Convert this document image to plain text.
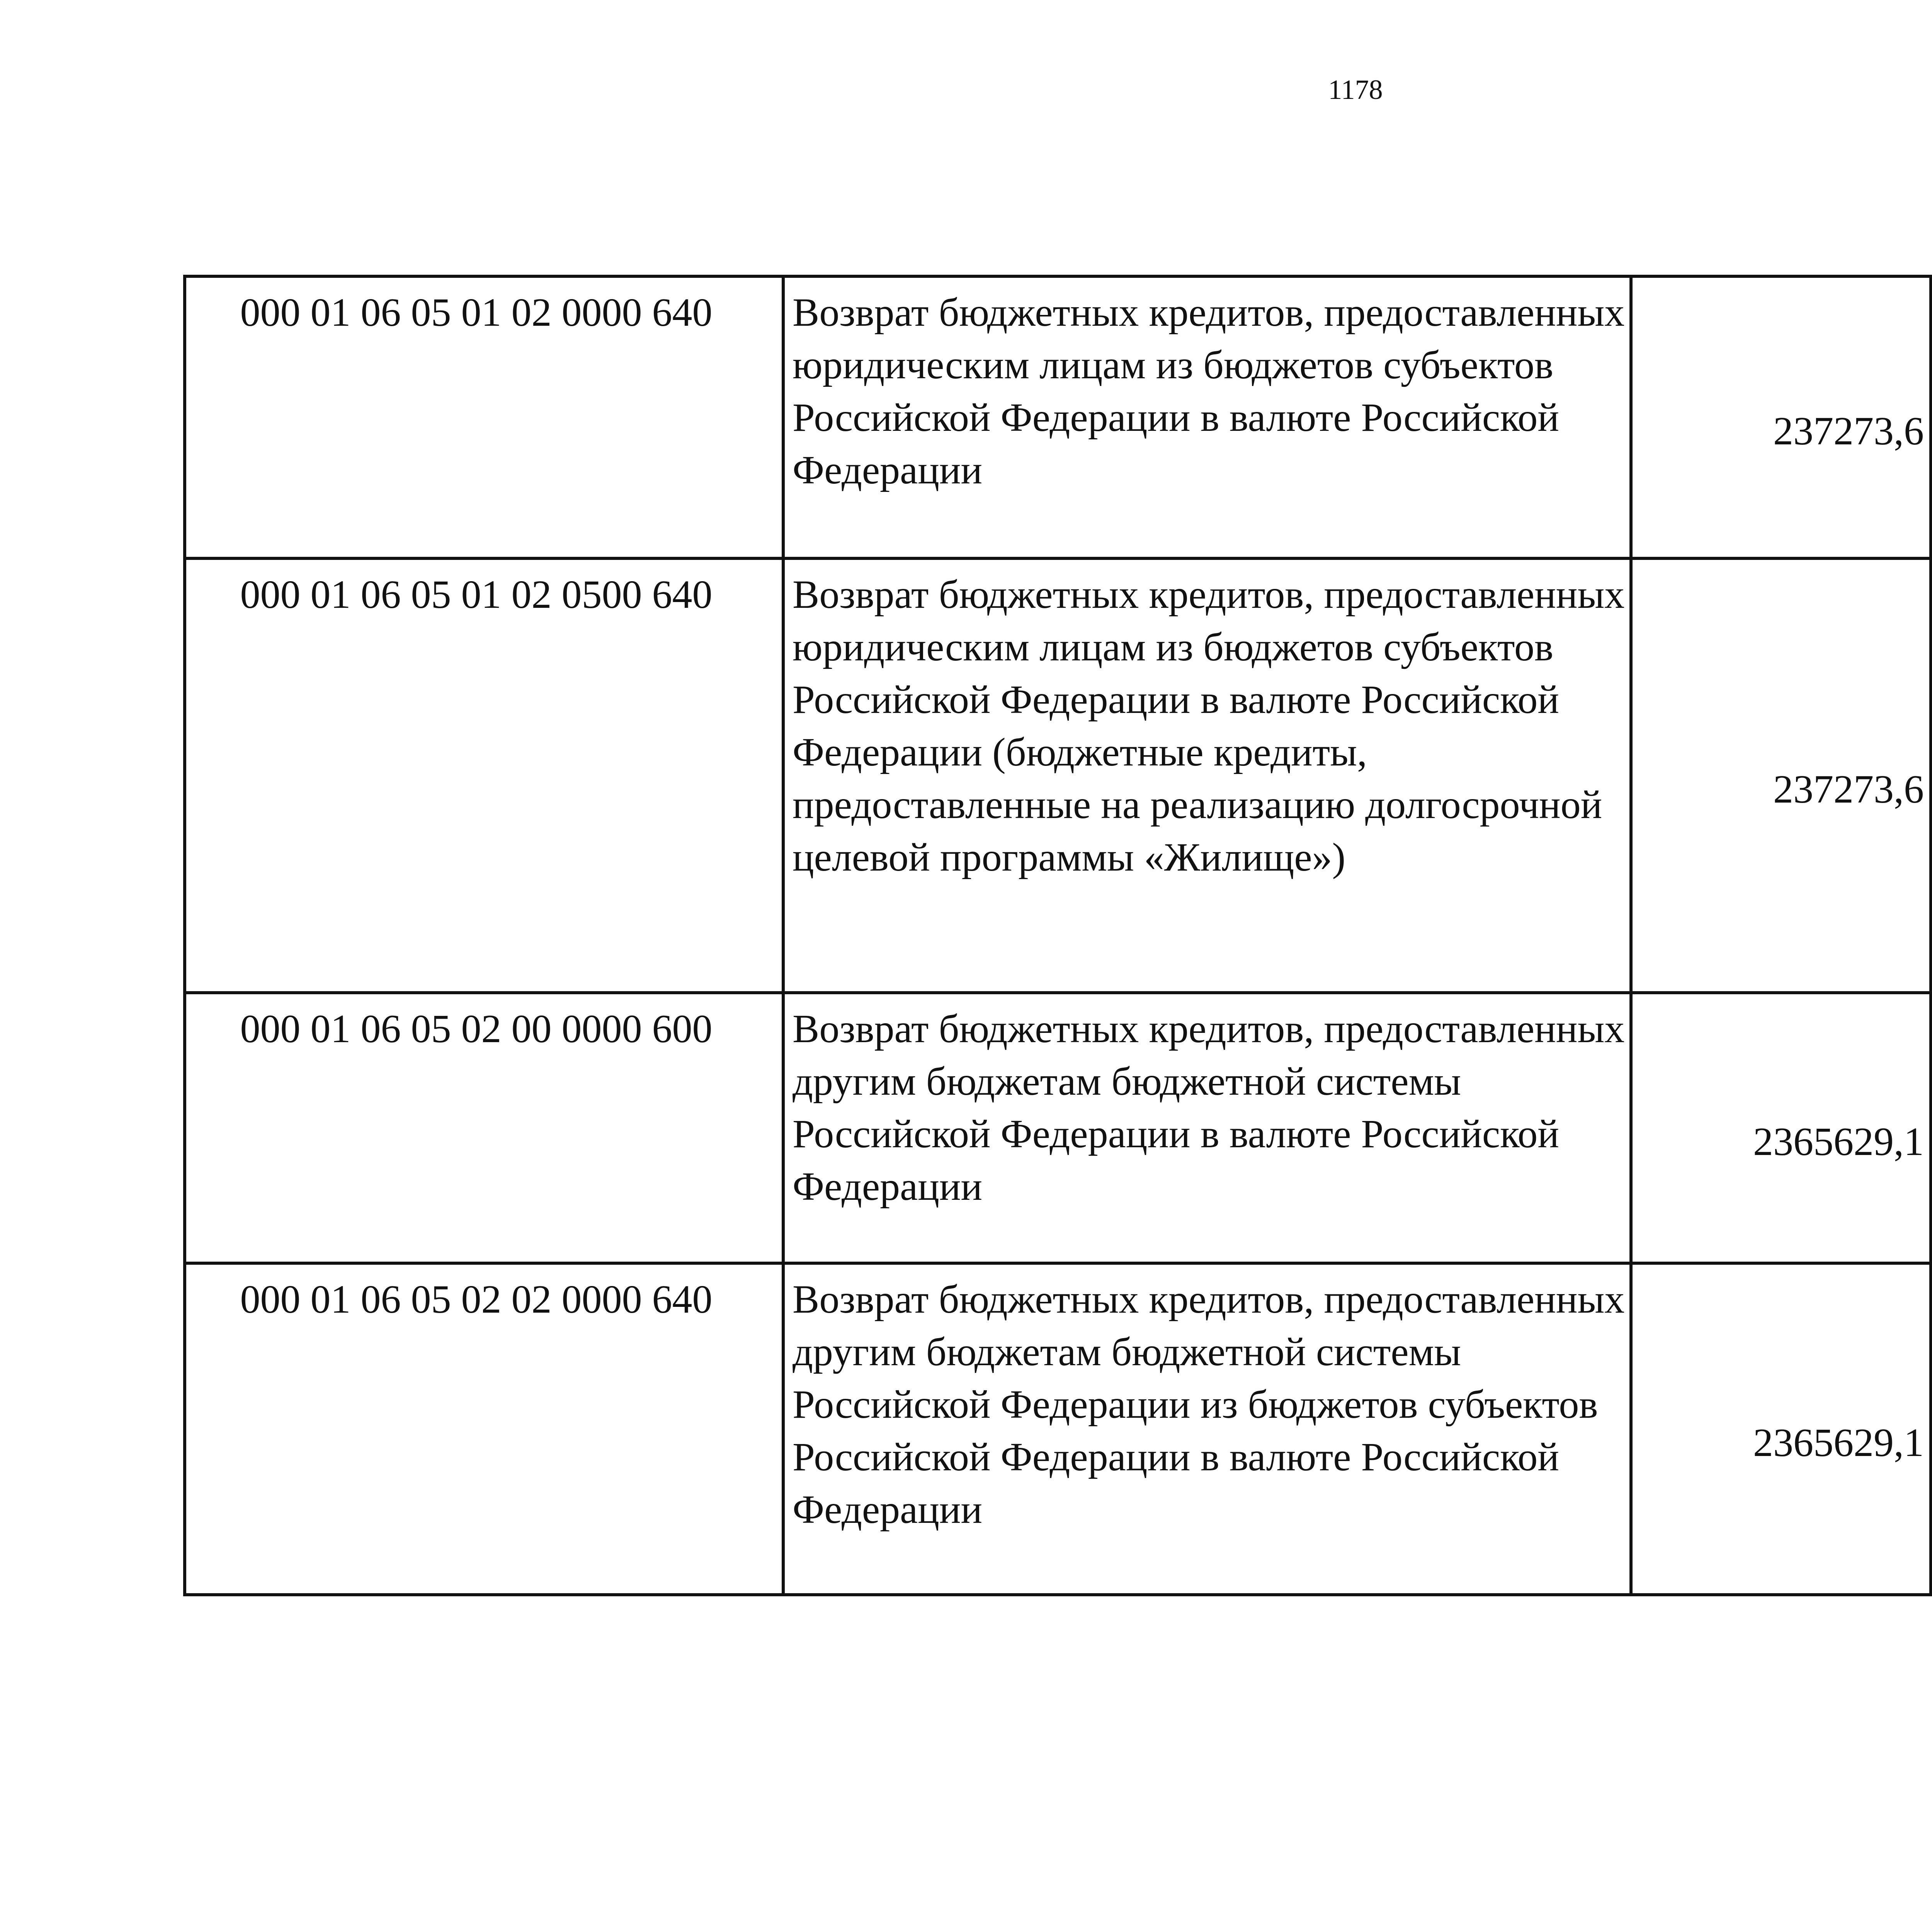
1178
000 01 06 05 01 02 0000 640	Возврат бюджетных кредитов, предоставленных юридическим лицам из бюджетов субъектов Российской Федерации в валюте Российской Федерации	237273,6		
000 01 06 05 01 02 0500 640	Возврат бюджетных кредитов, предоставленных юридическим лицам из бюджетов субъектов Российской Федерации в валюте Российской Федерации (бюджетные кредиты, предоставленные на реализацию долгосрочной целевой программы «Жилище»)	237273,6		
000 01 06 05 02 00 0000 600	Возврат бюджетных кредитов, предоставленных другим бюджетам бюджетной системы Российской Федерации в валюте Российской Федерации	2365629,1		
000 01 06 05 02 02 0000 640	Возврат бюджетных кредитов, предоставленных другим бюджетам бюджетной системы Российской Федерации из бюджетов субъектов Российской Федерации в валюте Российской Федерации	2365629,1		
